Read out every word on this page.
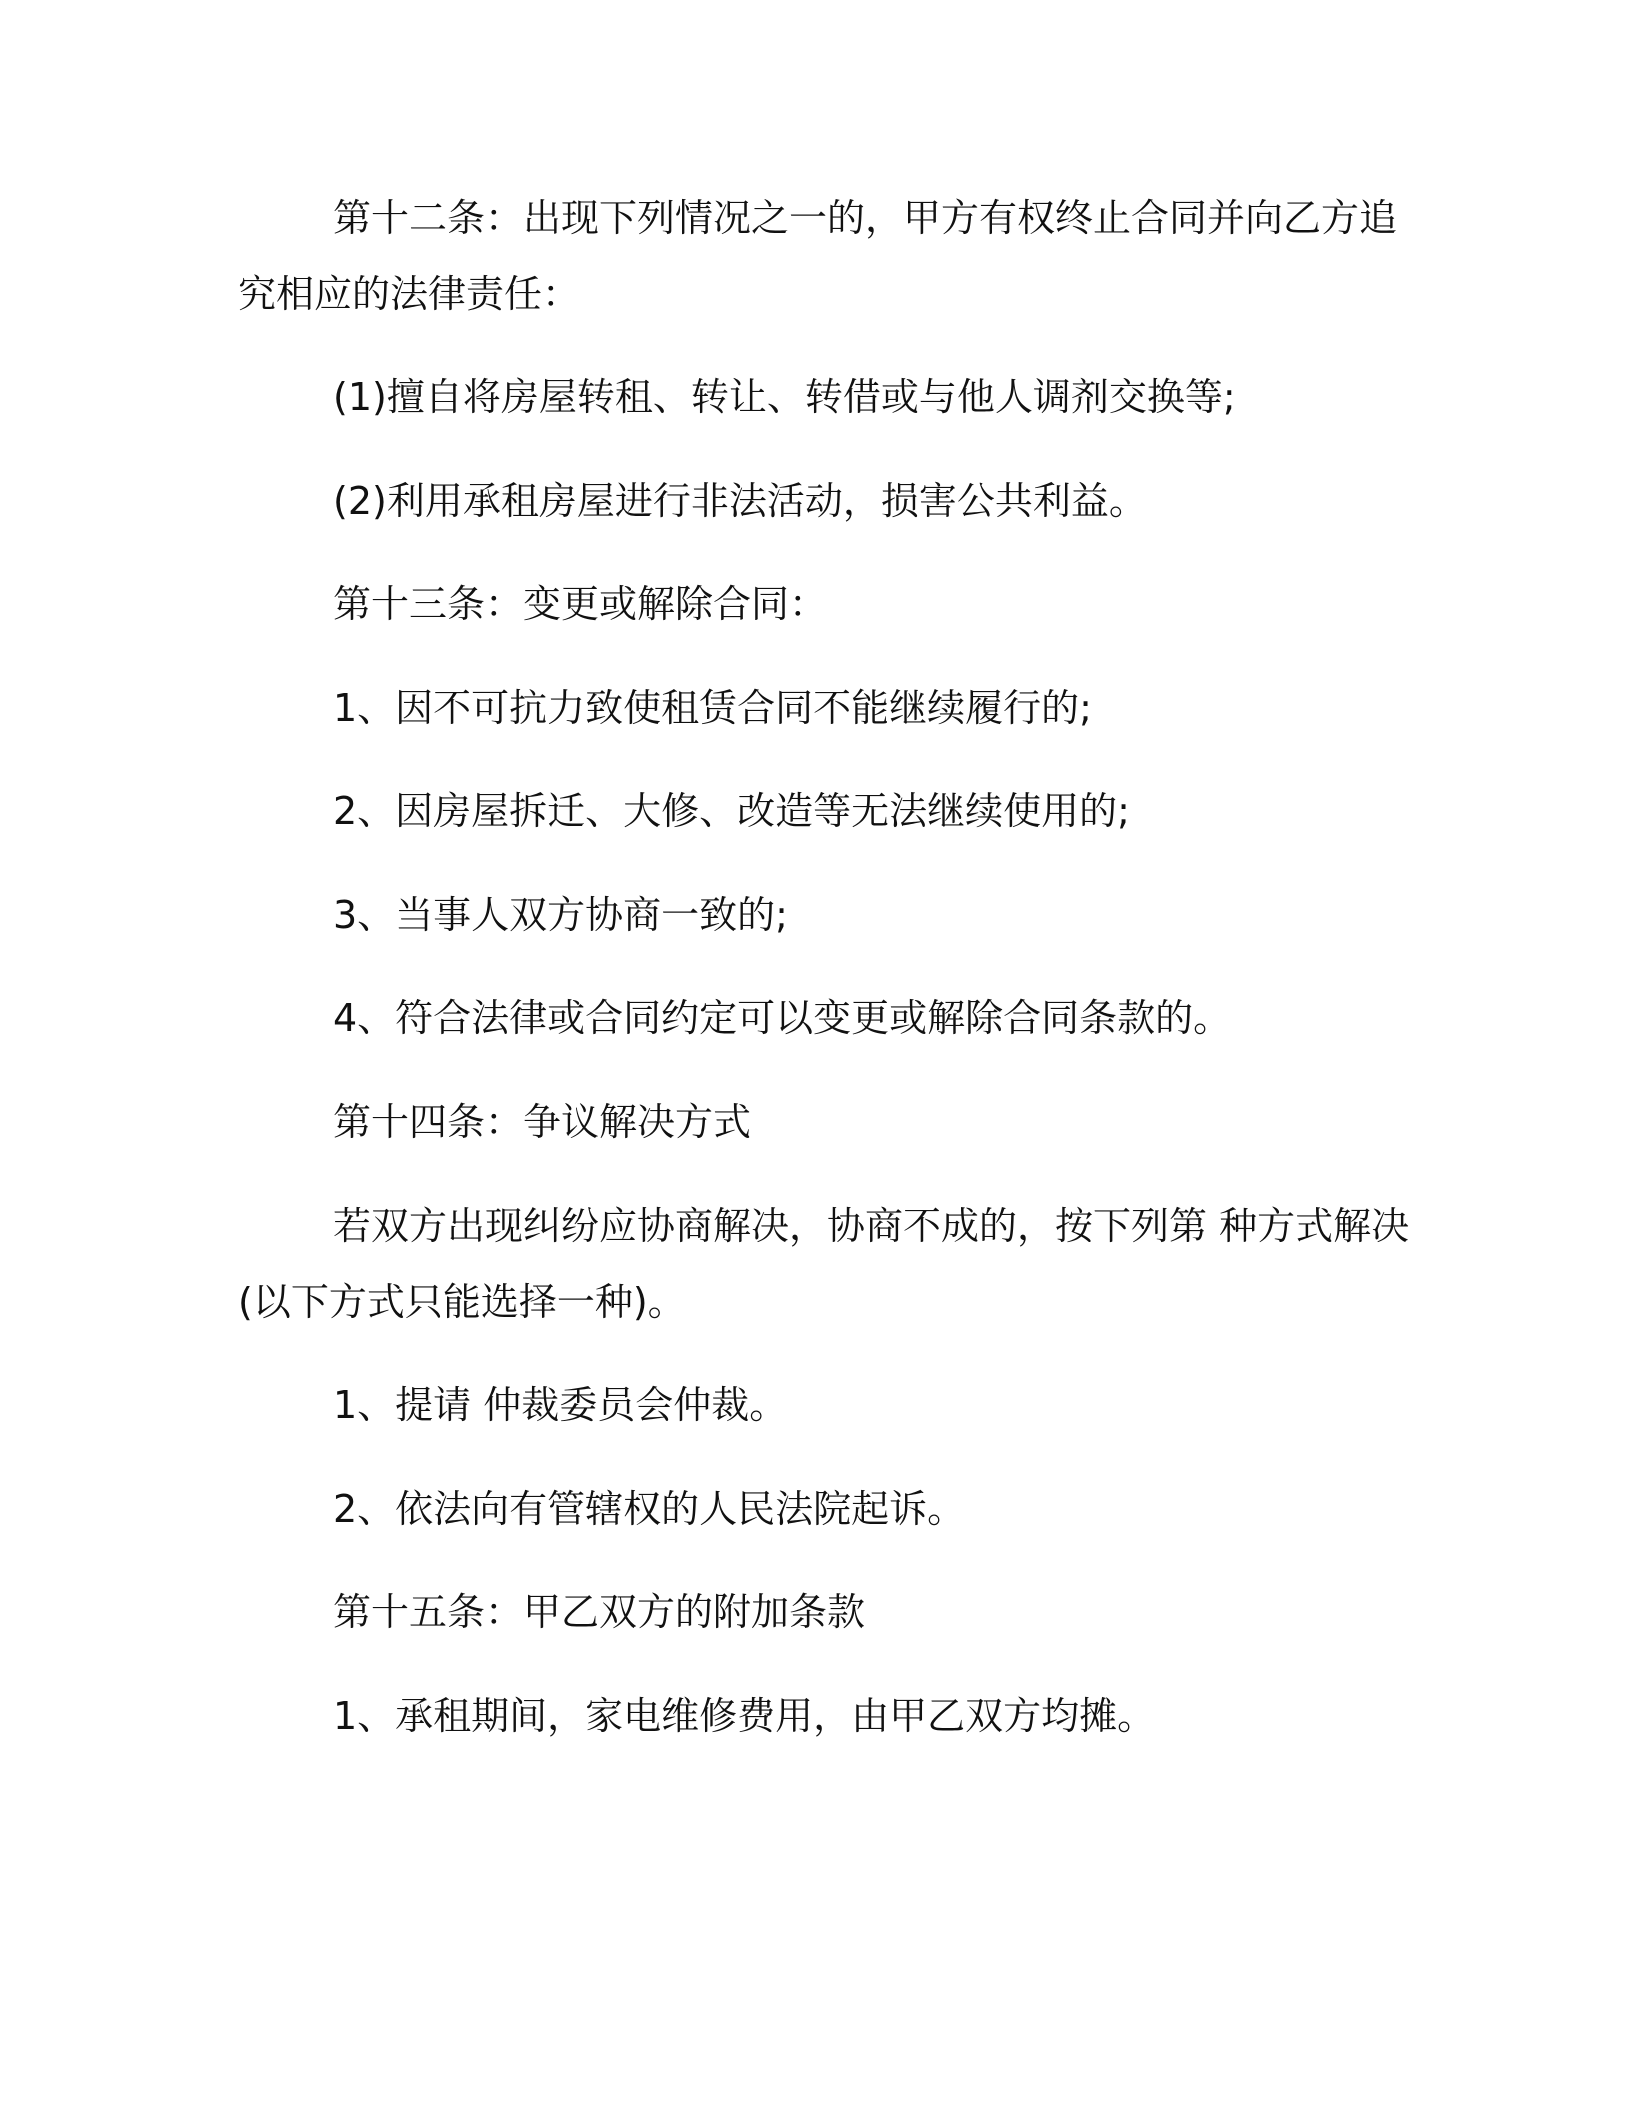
第十二条：出现下列情况之一的，甲方有权终止合同并向乙方追
究相应的法律责任：
(1)擅自将房屋转租、转让、转借或与他人调剂交换等;
(2)利用承租房屋进行非法活动，损害公共利益。
第十三条：变更或解除合同：
1、因不可抗力致使租赁合同不能继续履行的;
2、因房屋拆迁、大修、改造等无法继续使用的;
3、当事人双方协商一致的;
4、符合法律或合同约定可以变更或解除合同条款的。
第十四条：争议解决方式
若双方出现纠纷应协商解决，协商不成的，按下列第 种方式解决
(以下方式只能选择一种)。
1、提请 仲裁委员会仲裁。
2、依法向有管辖权的人民法院起诉。
第十五条：甲乙双方的附加条款
1、承租期间，家电维修费用，由甲乙双方均摊。
